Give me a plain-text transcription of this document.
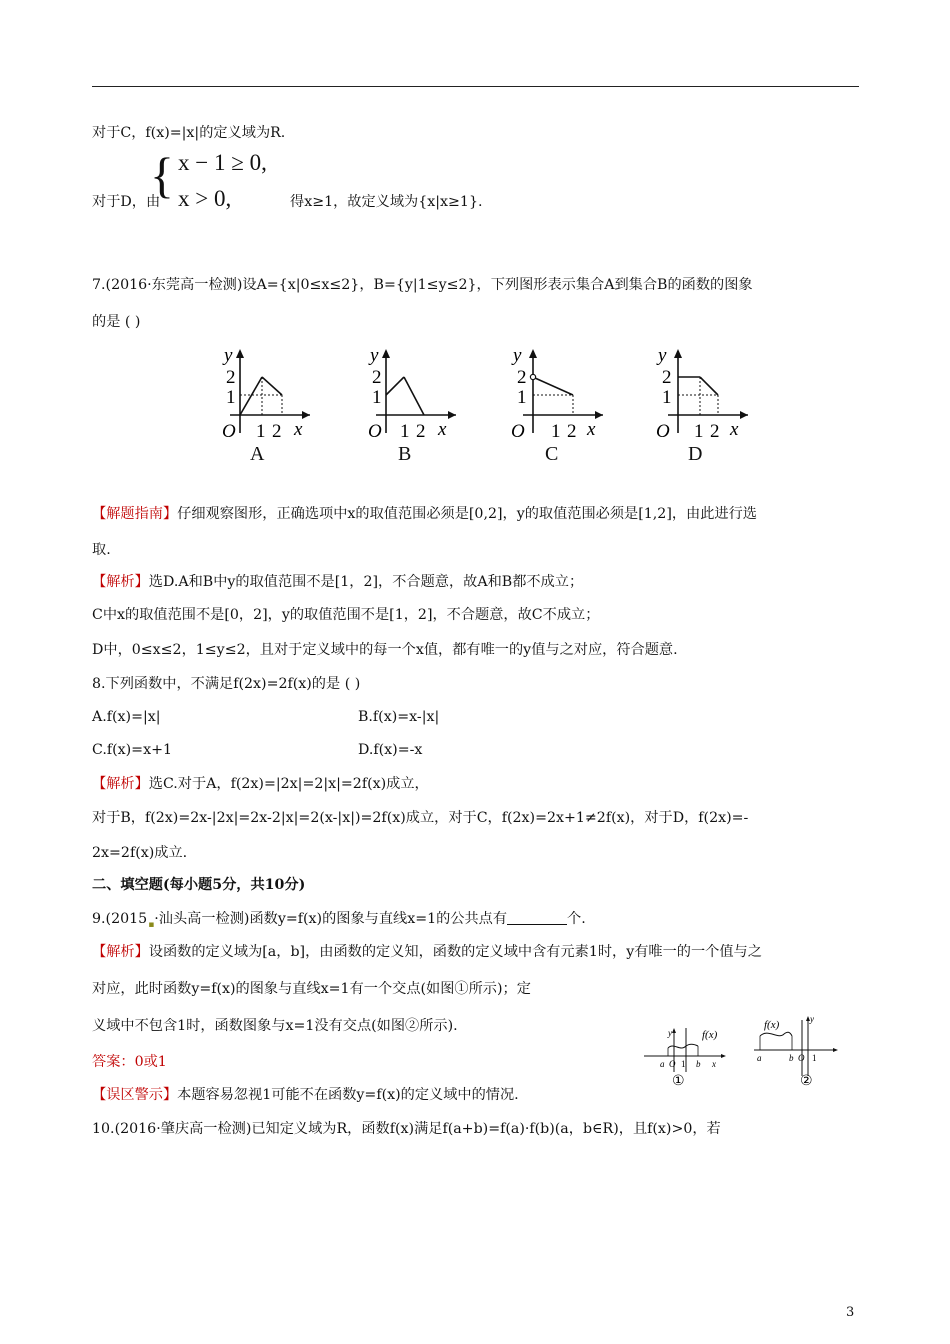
对于C，f(x)=|x|的定义域为R.
{ x − 1 ≥ 0,
x > 0,
对于D，由	得x≥1，故定义域为{x|x≥1}.
7.(2016·东莞高一检测)设A={x|0≤x≤2}，B={y|1≤y≤2}，下列图形表示集合A到集合B的函数的图象
的是 ( )
y
2
1
O 1 2 x
A
y
2
1
O 1 2 x
B
y
2
1
O 1 2 x
C
y
2
1
O 1 2 x
D
【解题指南】仔细观察图形，正确选项中x的取值范围必须是[0,2]，y的取值范围必须是[1,2]，由此进行选
取.
【解析】选D.A和B中y的取值范围不是[1，2]，不合题意，故A和B都不成立；
C中x的取值范围不是[0，2]，y的取值范围不是[1，2]，不合题意，故C不成立；
D中，0≤x≤2，1≤y≤2，且对于定义域中的每一个x值，都有唯一的y值与之对应，符合题意.
8.下列函数中，不满足f(2x)=2f(x)的是 ( )
A.f(x)=|x|	B.f(x)=x-|x|
C.f(x)=x+1	D.f(x)=-x
【解析】选C.对于A，f(2x)=|2x|=2|x|=2f(x)成立，
对于B，f(2x)=2x-|2x|=2x-2|x|=2(x-|x|)=2f(x)成立，对于C，f(2x)=2x+1≠2f(x)，对于D，f(2x)=-
2x=2f(x)成立.
二、填空题(每小题5分，共10分)
$9.(2015_▪\cdot$汕头高一检测)函数y=f(x)的图象与直线x=1的公共点有	个.
【解析】设函数的定义域为[a，b]，由函数的定义知，函数的定义域中含有元素1时，y有唯一的一个值与之
对应，此时函数y=f(x)的图象与直线x=1有一个交点(如图①所示)；定
义域中不包含1时，函数图象与x=1没有交点(如图②所示).
答案：0或1
【误区警示】本题容易忽视1可能不在函数y=f(x)的定义域中的情况.
y	f(x)
a O 1 b x
①
f(x)	y
a	b O 1
②
10.(2016·肇庆高一检测)已知定义域为R，函数f(x)满足f(a+b)=f(a)·f(b)(a，b∈R)，且f(x)>0，若
3
